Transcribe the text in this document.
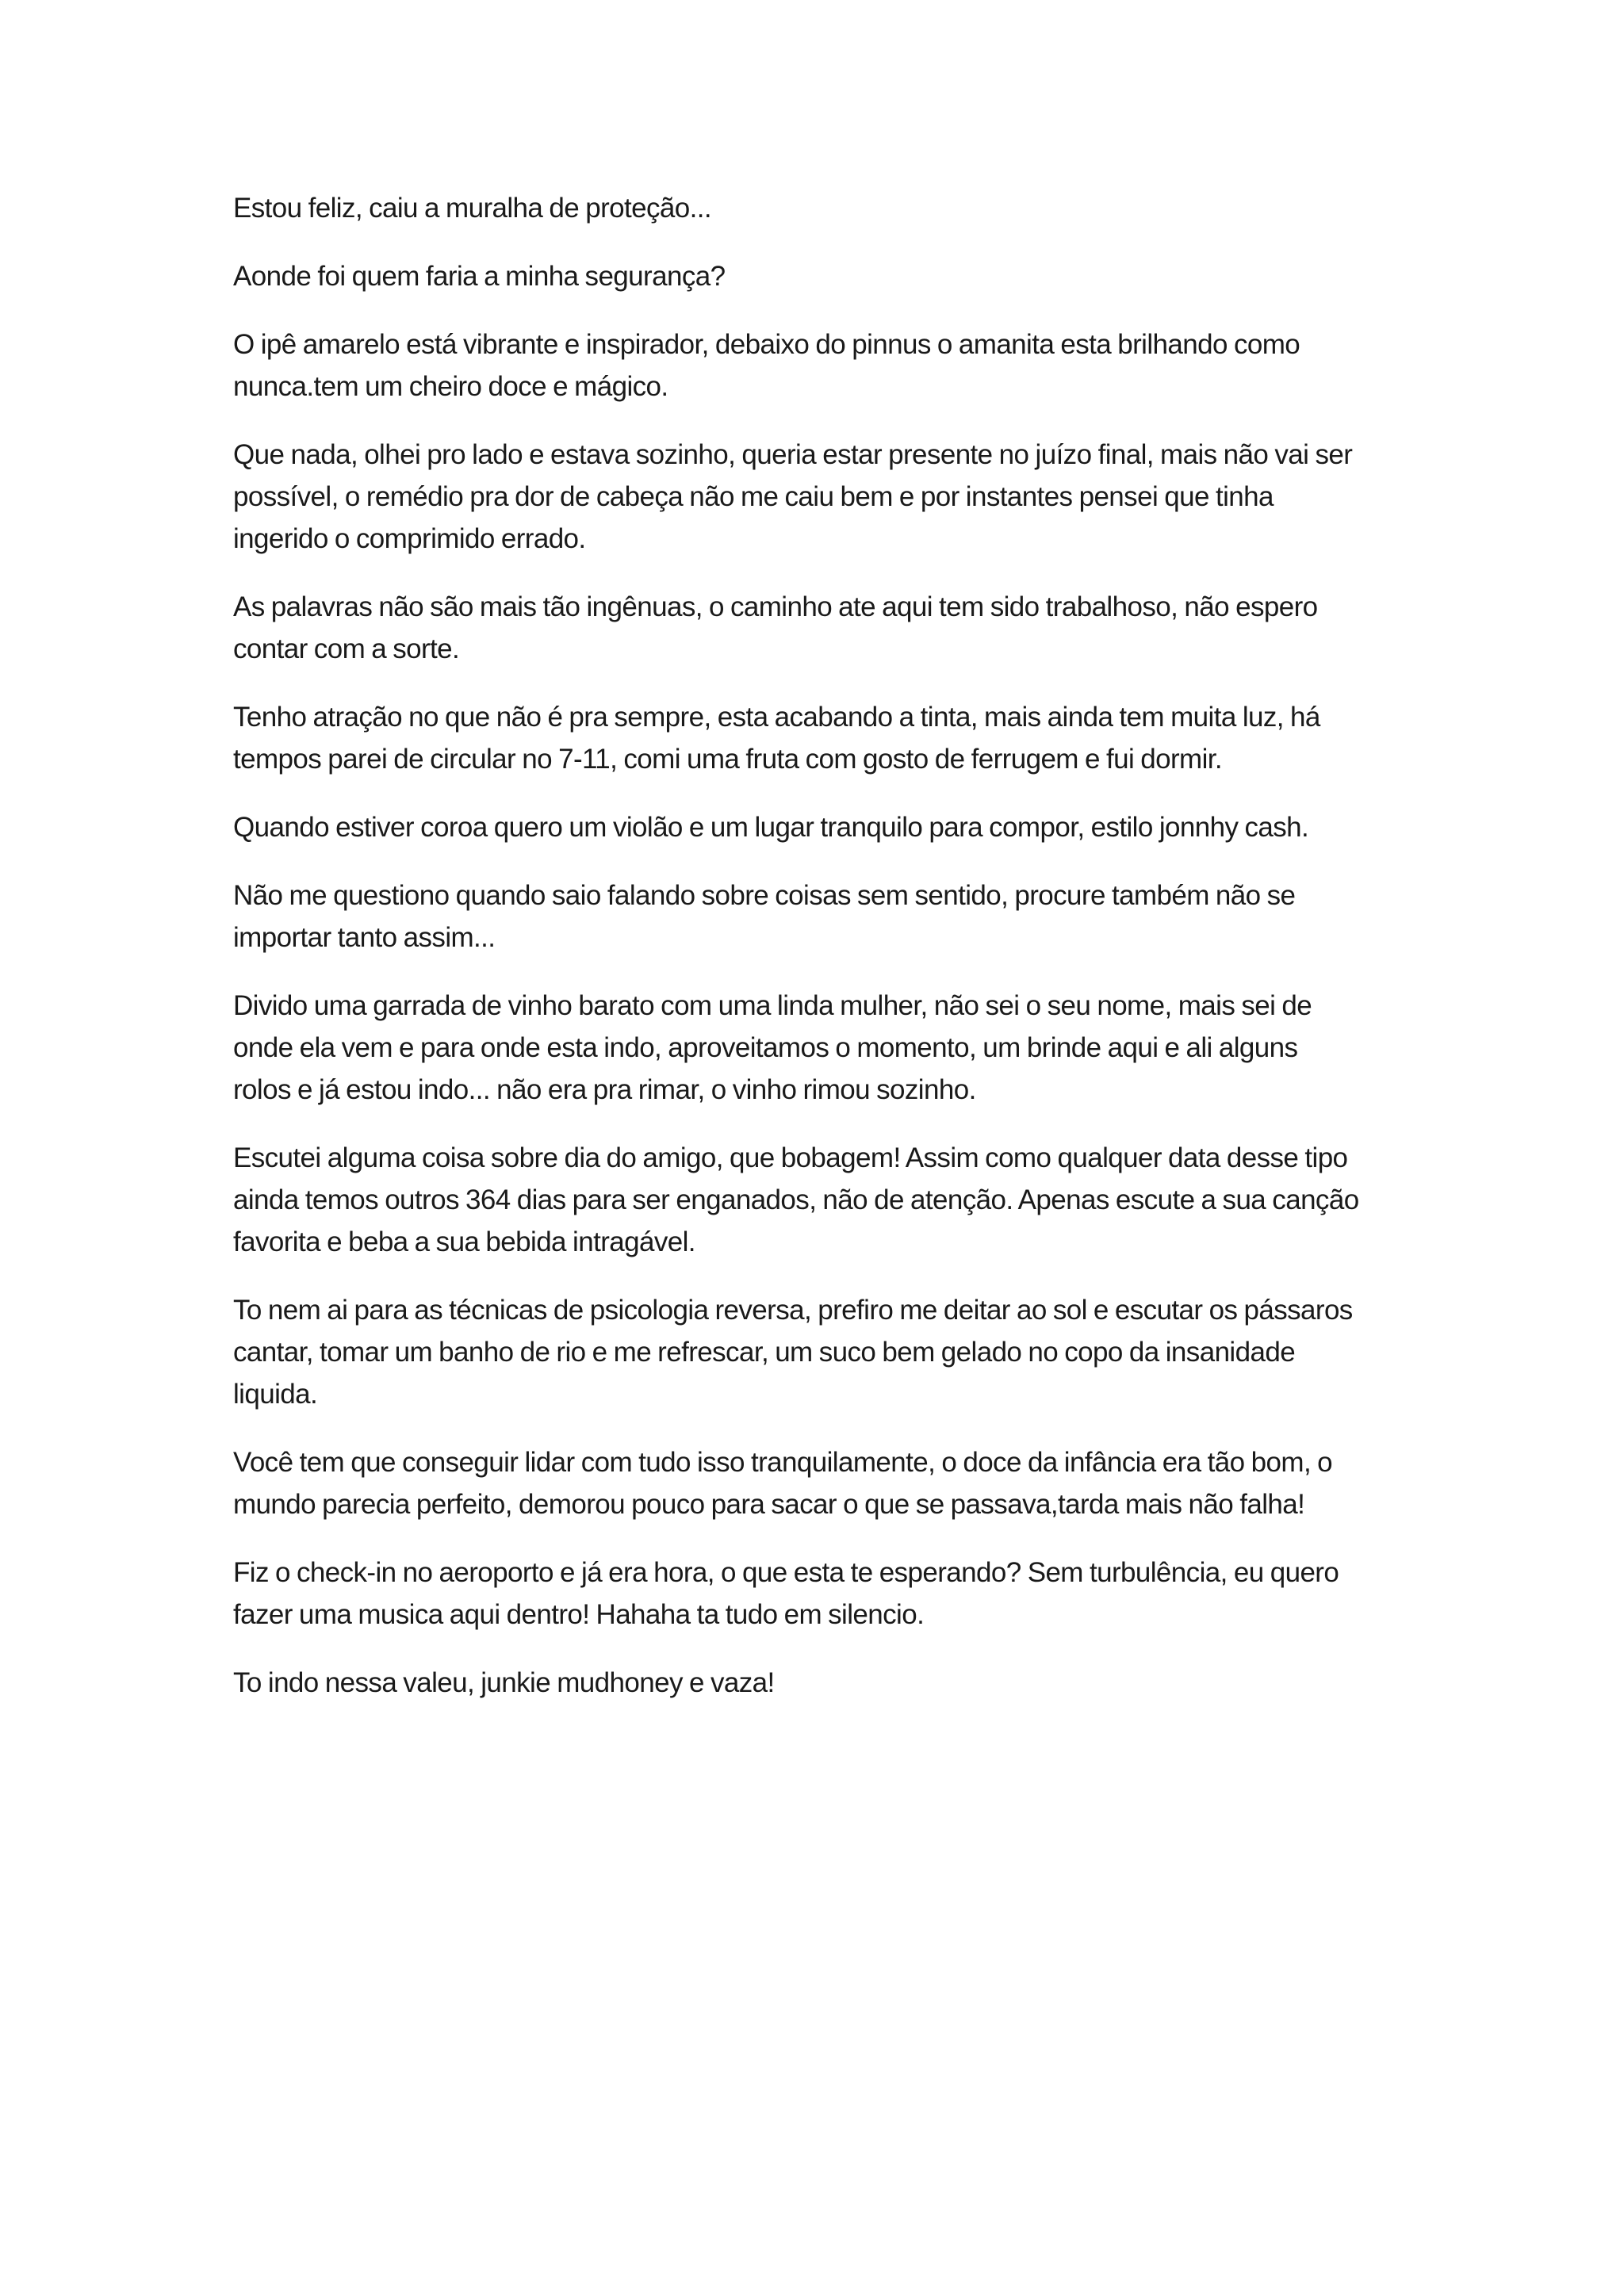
Estou feliz, caiu a muralha de proteção...

Aonde foi quem faria a minha segurança?

O ipê amarelo está vibrante e inspirador, debaixo do pinnus o amanita esta brilhando como
nunca.tem um cheiro doce e mágico.

Que nada, olhei pro lado e estava sozinho, queria estar presente no juízo final, mais não vai ser
possível, o remédio pra dor de cabeça não me caiu bem e por instantes pensei que tinha
ingerido o comprimido errado.

As palavras não são mais tão ingênuas, o caminho ate aqui tem sido trabalhoso, não espero
contar com a sorte.

Tenho atração no que não é pra sempre, esta acabando a tinta, mais ainda tem muita luz, há
tempos parei de circular no 7-11, comi uma fruta com gosto de ferrugem e fui dormir.

Quando estiver coroa quero um violão e um lugar tranquilo para compor, estilo jonnhy cash.

Não me questiono quando saio falando sobre coisas sem sentido, procure também não se
importar tanto assim...

Divido uma garrada de vinho barato com uma linda mulher, não sei o seu nome, mais sei de
onde ela vem e para onde esta indo, aproveitamos o momento, um brinde aqui e ali alguns
rolos e já estou indo... não era pra rimar, o vinho rimou sozinho.

Escutei alguma coisa sobre dia do amigo, que bobagem! Assim como qualquer data desse tipo
ainda temos outros 364 dias para ser enganados, não de atenção. Apenas escute a sua canção
favorita e beba a sua bebida intragável.

To nem ai para as técnicas de psicologia reversa, prefiro me deitar ao sol e escutar os pássaros
cantar, tomar um banho de rio e me refrescar, um suco bem gelado no copo da insanidade
liquida.

Você tem que conseguir lidar com tudo isso tranquilamente, o doce da infância era tão bom, o
mundo parecia perfeito, demorou pouco para sacar o que se passava,tarda mais não falha!

Fiz o check-in no aeroporto e já era hora, o que esta te esperando? Sem turbulência, eu quero
fazer uma musica aqui dentro! Hahaha ta tudo em silencio.

To indo nessa valeu, junkie mudhoney e vaza!
